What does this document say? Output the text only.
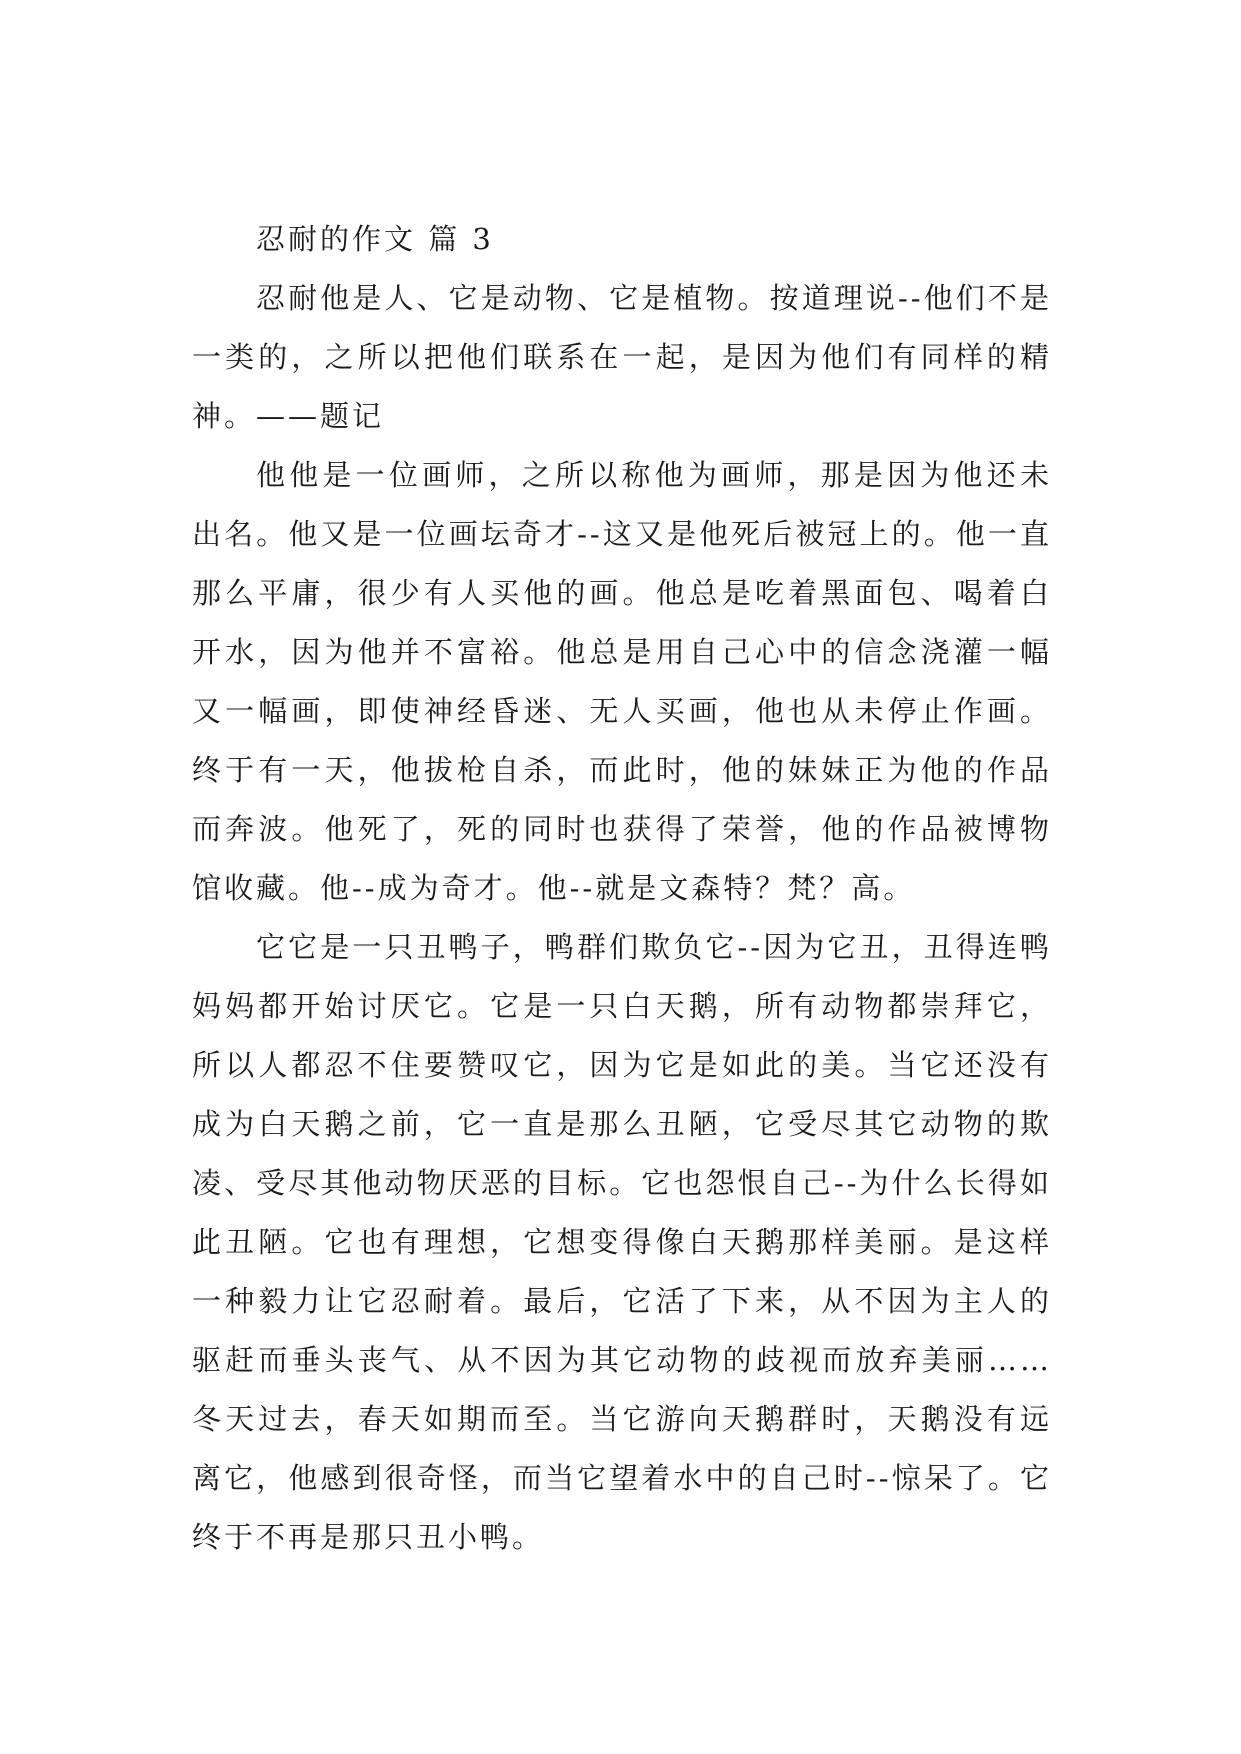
忍耐的作文 篇 3

忍耐他是人、它是动物、它是植物。按道理说--他们不是一类的，之所以把他们联系在一起，是因为他们有同样的精神。——题记

他他是一位画师，之所以称他为画师，那是因为他还未出名。他又是一位画坛奇才--这又是他死后被冠上的。他一直那么平庸，很少有人买他的画。他总是吃着黑面包、喝着白开水，因为他并不富裕。他总是用自己心中的信念浇灌一幅又一幅画，即使神经昏迷、无人买画，他也从未停止作画。终于有一天，他拔枪自杀，而此时，他的妹妹正为他的作品而奔波。他死了，死的同时也获得了荣誉，他的作品被博物馆收藏。他--成为奇才。他--就是文森特？梵？高。

它它是一只丑鸭子，鸭群们欺负它--因为它丑，丑得连鸭妈妈都开始讨厌它。它是一只白天鹅，所有动物都崇拜它，所以人都忍不住要赞叹它，因为它是如此的美。当它还没有成为白天鹅之前，它一直是那么丑陋，它受尽其它动物的欺凌、受尽其他动物厌恶的目标。它也怨恨自己--为什么长得如此丑陋。它也有理想，它想变得像白天鹅那样美丽。是这样一种毅力让它忍耐着。最后，它活了下来，从不因为主人的驱赶而垂头丧气、从不因为其它动物的歧视而放弃美丽……冬天过去，春天如期而至。当它游向天鹅群时，天鹅没有远离它，他感到很奇怪，而当它望着水中的自己时--惊呆了。它终于不再是那只丑小鸭。
